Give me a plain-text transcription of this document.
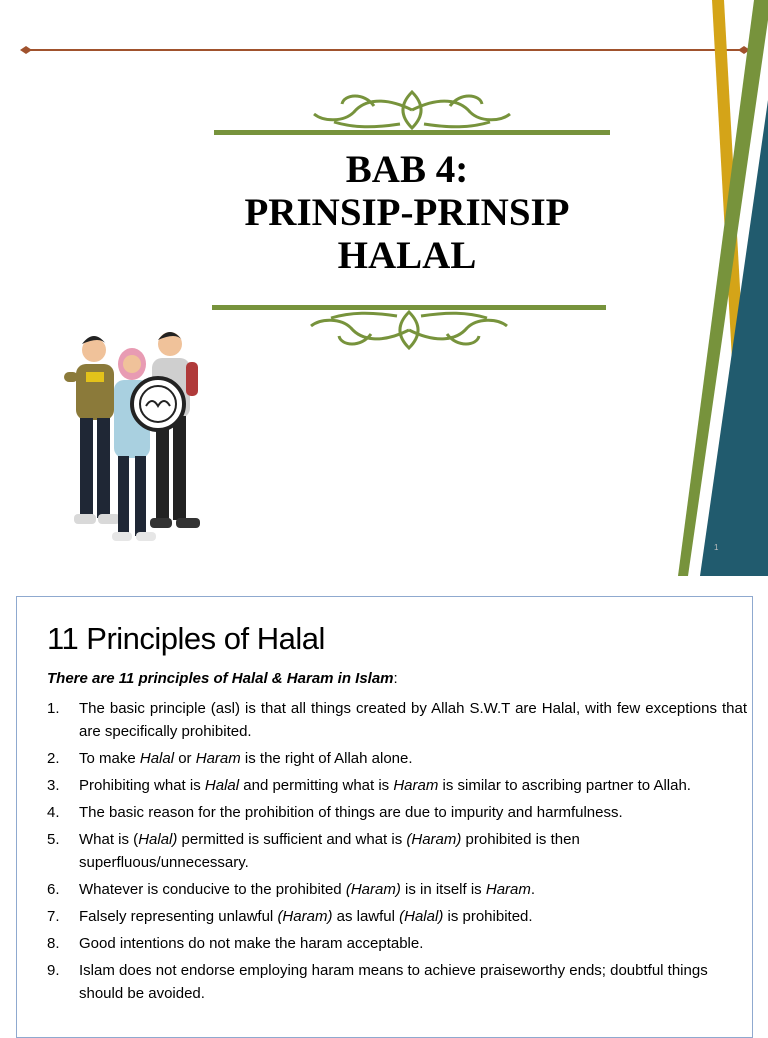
BAB 4:
PRINSIP-PRINSIP
HALAL
1
11 Principles of Halal
There are 11 principles of Halal & Haram in Islam:
1. The basic principle (asl) is that all things created by Allah S.W.T are Halal, with few exceptions that are specifically prohibited.
2. To make Halal or Haram is the right of Allah alone.
3. Prohibiting what is Halal and permitting what is Haram is similar to ascribing partner to Allah.
4. The basic reason for the prohibition of things are due to impurity and harmfulness.
5. What is (Halal) permitted is sufficient and what is (Haram) prohibited is then superfluous/unnecessary.
6. Whatever is conducive to the prohibited (Haram) is in itself is Haram.
7. Falsely representing unlawful (Haram) as lawful (Halal) is prohibited.
8. Good intentions do not make the haram acceptable.
9. Islam does not endorse employing haram means to achieve praiseworthy ends; doubtful things should be avoided.
